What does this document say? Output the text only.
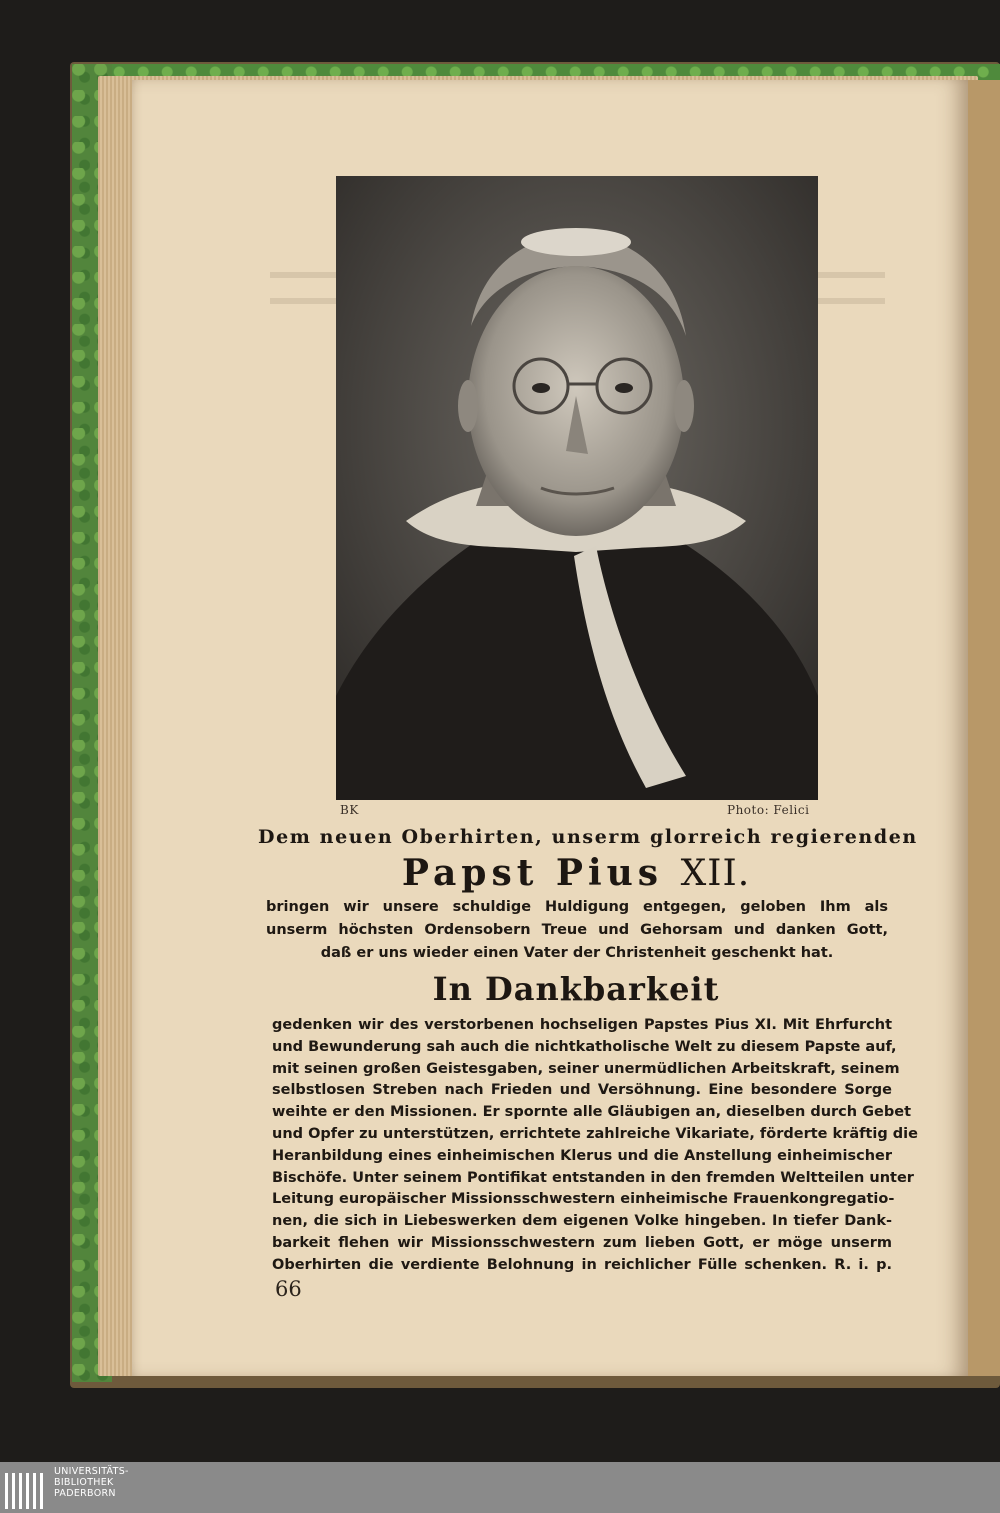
BK	Photo: Felici
Dem neuen Oberhirten, unserm glorreich regierenden
Papst Pius XII.
bringen wir unsere schuldige Huldigung entgegen, geloben Ihm als
unserm höchsten Ordensobern Treue und Gehorsam und danken Gott,
daß er uns wieder einen Vater der Christenheit geschenkt hat.
In Dankbarkeit
gedenken wir des verstorbenen hochseligen Papstes Pius XI. Mit Ehrfurcht
und Bewunderung sah auch die nichtkatholische Welt zu diesem Papste auf,
mit seinen großen Geistesgaben, seiner unermüdlichen Arbeitskraft, seinem
selbstlosen Streben nach Frieden und Versöhnung. Eine besondere Sorge
weihte er den Missionen. Er spornte alle Gläubigen an, dieselben durch Gebet
und Opfer zu unterstützen, errichtete zahlreiche Vikariate, förderte kräftig die
Heranbildung eines einheimischen Klerus und die Anstellung einheimischer
Bischöfe. Unter seinem Pontifikat entstanden in den fremden Weltteilen unter
Leitung europäischer Missionsschwestern einheimische Frauenkongregatio-
nen, die sich in Liebeswerken dem eigenen Volke hingeben. In tiefer Dank-
barkeit flehen wir Missionsschwestern zum lieben Gott, er möge unserm
Oberhirten die verdiente Belohnung in reichlicher Fülle schenken. R. i. p.
66
UNIVERSITÄTS-
BIBLIOTHEK
PADERBORN
